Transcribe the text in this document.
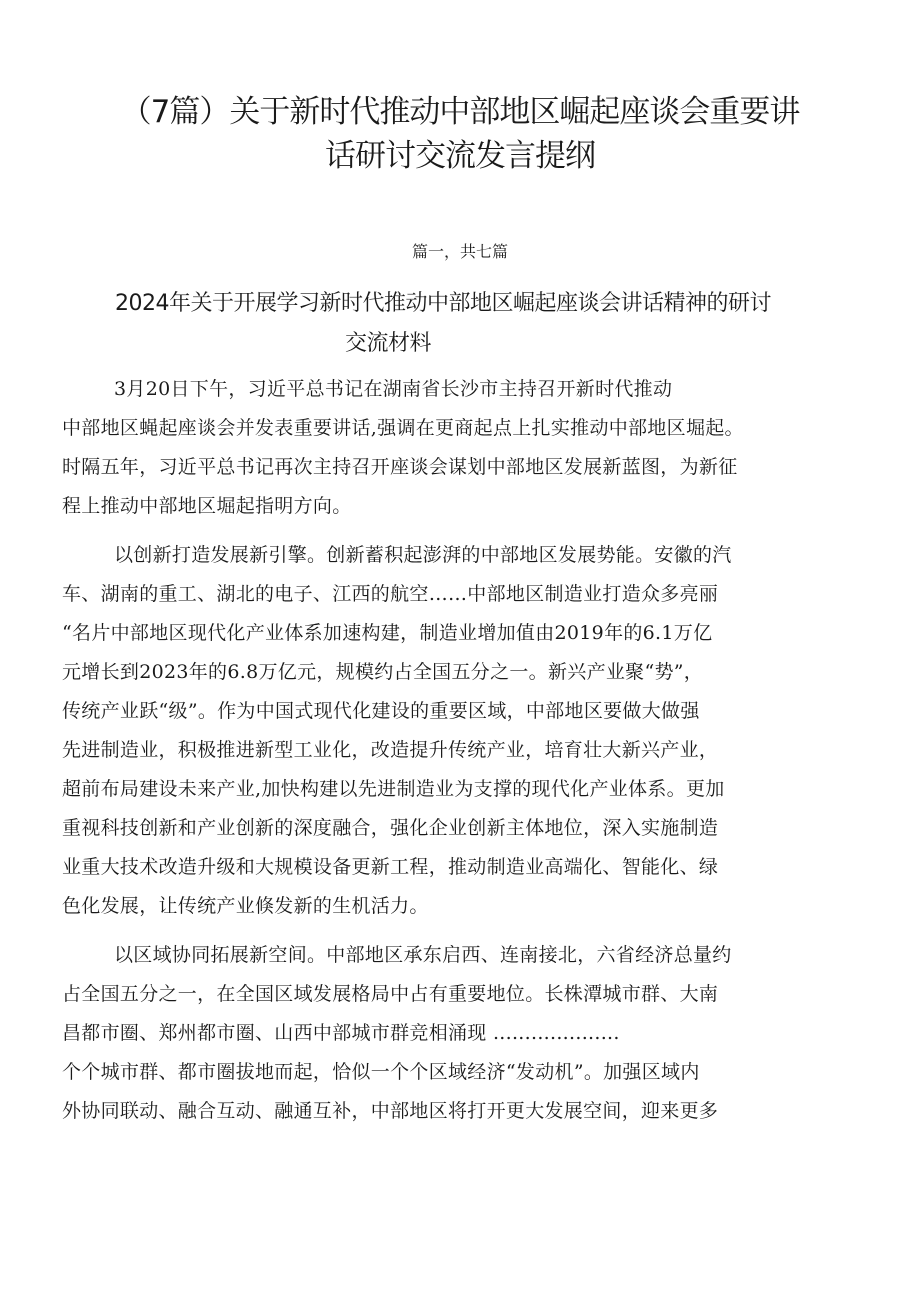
（7篇）关于新时代推动中部地区崛起座谈会重要讲
话研讨交流发言提纲
篇一，共七篇
2024年关于开展学习新时代推动中部地区崛起座谈会讲话精神的研讨
交流材料
3月20日下午，习近平总书记在湖南省长沙市主持召开新时代推动
中部地区蝇起座谈会并发表重要讲话,强调在更商起点上扎实推动中部地区堀起。
时隔五年，习近平总书记再次主持召开座谈会谋划中部地区发展新蓝图，为新征
程上推动中部地区堀起指明方向。
以创新打造发展新引擎。创新蓄积起澎湃的中部地区发展势能。安徽的汽
车、湖南的重工、湖北的电子、江西的航空……中部地区制造业打造众多亮丽
“名片中部地区现代化产业体系加速构建，制造业增加值由2019年的6.1万亿
元增长到2023年的6.8万亿元，规模约占全国五分之一。新兴产业聚“势”，
传统产业跃“级”。作为中国式现代化建设的重要区域，中部地区要做大做强
先进制造业，积极推进新型工业化，改造提升传统产业，培育壮大新兴产业，
超前布局建设未来产业,加快构建以先进制造业为支撑的现代化产业体系。更加
重视科技创新和产业创新的深度融合，强化企业创新主体地位，深入实施制造
业重大技术改造升级和大规模设备更新工程，推动制造业高端化、智能化、绿
色化发展，让传统产业倏发新的生机活力。
以区域协同拓展新空间。中部地区承东启西、连南接北，六省经济总量约
占全国五分之一，在全国区域发展格局中占有重要地位。长株潭城市群、大南
昌都市圈、郑州都市圈、山西中部城市群竞相涌现 ....................
个个城市群、都市圈拔地而起，恰似一个个区域经济“发动机”。加强区域内
外协同联动、融合互动、融通互补，中部地区将打开更大发展空间，迎来更多
